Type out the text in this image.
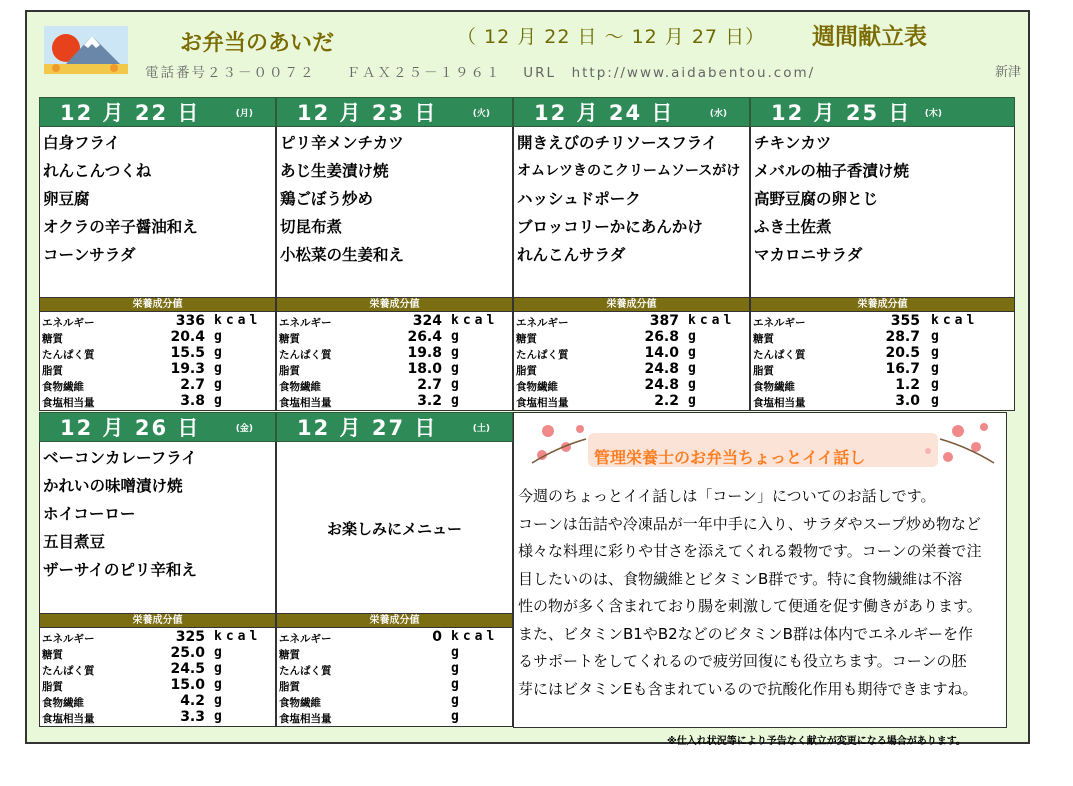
お弁当のあいだ	（ 12 月 22 日 ～ 12 月 27 日） 週間献立表
電話番号２３－００７２　　ＦＡＸ２５－１９６１　 URL　http://www.aidabentou.com/	新津
12 月 22 日	(月)
白身フライ
れんこんつくね
卵豆腐
オクラの辛子醤油和え
コーンサラダ
栄養成分値
エネルギー	336 kcal
糖質	20.4 g
たんぱく質	15.5 g
脂質	19.3 g
食物繊維	2.7 g
食塩相当量	3.8 g
12 月 23 日	(火)
ピリ辛メンチカツ
あじ生姜漬け焼
鶏ごぼう炒め
切昆布煮
小松菜の生姜和え
栄養成分値
エネルギー	324 kcal
糖質	26.4 g
たんぱく質	19.8 g
脂質	18.0 g
食物繊維	2.7 g
食塩相当量	3.2 g
12 月 24 日	(水)
開きえびのチリソースフライ
オムレツきのこクリームソースがけ
ハッシュドポーク
ブロッコリーかにあんかけ
れんこんサラダ
栄養成分値
エネルギー	387 kcal
糖質	26.8 g
たんぱく質	14.0 g
脂質	24.8 g
食物繊維	24.8 g
食塩相当量	2.2 g
12 月 25 日 (木)
チキンカツ
メバルの柚子香漬け焼
高野豆腐の卵とじ
ふき土佐煮
マカロニサラダ
栄養成分値
エネルギー	355 kcal
糖質	28.7 g
たんぱく質	20.5 g
脂質	16.7 g
食物繊維	1.2 g
食塩相当量	3.0 g
12 月 26 日	(金)
ベーコンカレーフライ
かれいの味噌漬け焼
ホイコーロー
五目煮豆
ザーサイのピリ辛和え
栄養成分値
エネルギー	325 kcal
糖質	25.0 g
たんぱく質	24.5 g
脂質	15.0 g
食物繊維	4.2 g
食塩相当量	3.3 g
12 月 27 日	(土)
お楽しみにメニュー
栄養成分値
エネルギー	0 kcal
糖質	g
たんぱく質	g
脂質	g
食物繊維	g
食塩相当量	g
管理栄養士のお弁当ちょっとイイ話し
今週のちょっとイイ話しは「コーン」についてのお話しです。
コーンは缶詰や冷凍品が一年中手に入り、サラダやスープ炒め物など
様々な料理に彩りや甘さを添えてくれる穀物です。コーンの栄養で注
目したいのは、食物繊維とビタミンB群です。特に食物繊維は不溶
性の物が多く含まれており腸を刺激して便通を促す働きがあります。
また、ビタミンB1やB2などのビタミンB群は体内でエネルギーを作
るサポートをしてくれるので疲労回復にも役立ちます。コーンの胚
芽にはビタミンEも含まれているので抗酸化作用も期待できますね。
※仕入れ状況等により予告なく献立が変更になる場合があります。
